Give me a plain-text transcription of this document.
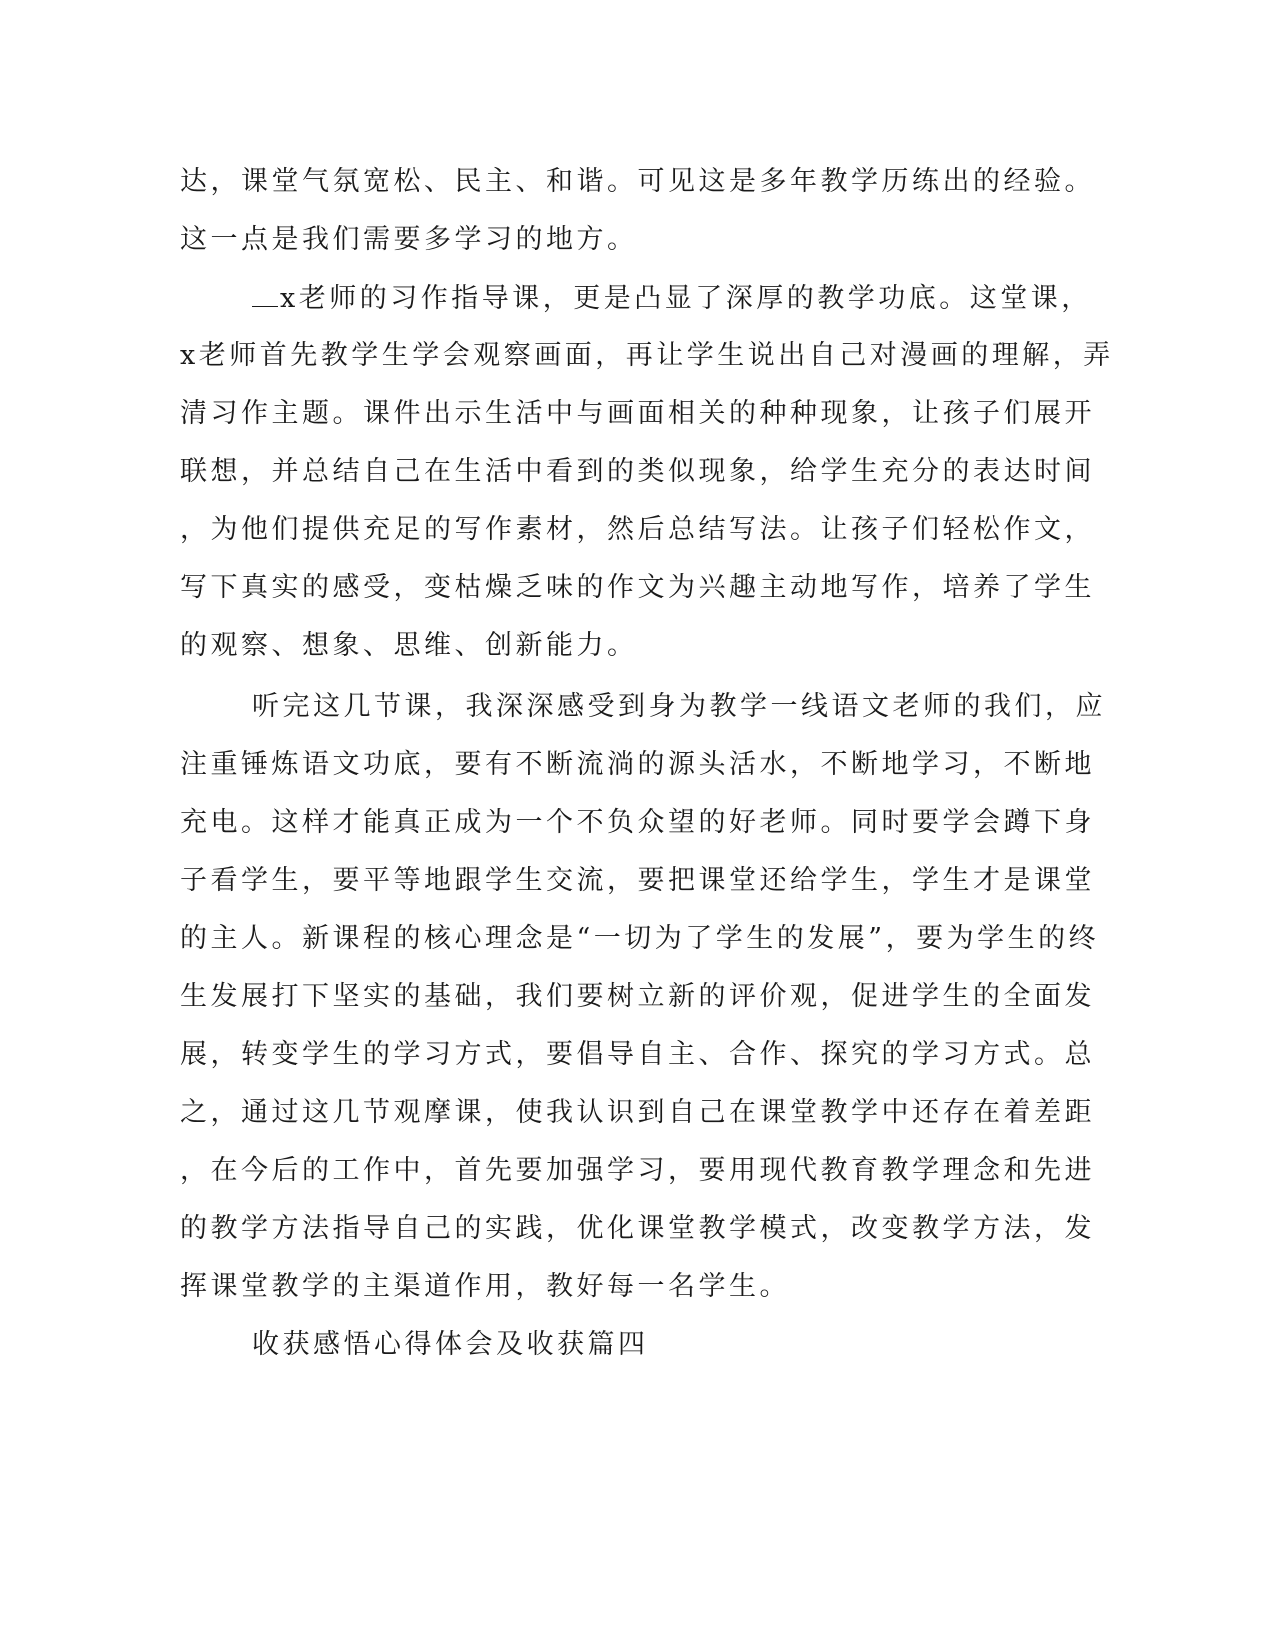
达，课堂气氛宽松、民主、和谐。可见这是多年教学历练出的经验。
这一点是我们需要多学习的地方。
x老师的习作指导课，更是凸显了深厚的教学功底。这堂课，
x老师首先教学生学会观察画面，再让学生说出自己对漫画的理解，弄
清习作主题。课件出示生活中与画面相关的种种现象，让孩子们展开
联想，并总结自己在生活中看到的类似现象，给学生充分的表达时间
，为他们提供充足的写作素材，然后总结写法。让孩子们轻松作文，
写下真实的感受，变枯燥乏味的作文为兴趣主动地写作，培养了学生
的观察、想象、思维、创新能力。
听完这几节课，我深深感受到身为教学一线语文老师的我们，应
注重锤炼语文功底，要有不断流淌的源头活水，不断地学习，不断地
充电。这样才能真正成为一个不负众望的好老师。同时要学会蹲下身
子看学生，要平等地跟学生交流，要把课堂还给学生，学生才是课堂
的主人。新课程的核心理念是“一切为了学生的发展”，要为学生的终
生发展打下坚实的基础，我们要树立新的评价观，促进学生的全面发
展，转变学生的学习方式，要倡导自主、合作、探究的学习方式。总
之，通过这几节观摩课，使我认识到自己在课堂教学中还存在着差距
，在今后的工作中，首先要加强学习，要用现代教育教学理念和先进
的教学方法指导自己的实践，优化课堂教学模式，改变教学方法，发
挥课堂教学的主渠道作用，教好每一名学生。
收获感悟心得体会及收获篇四
